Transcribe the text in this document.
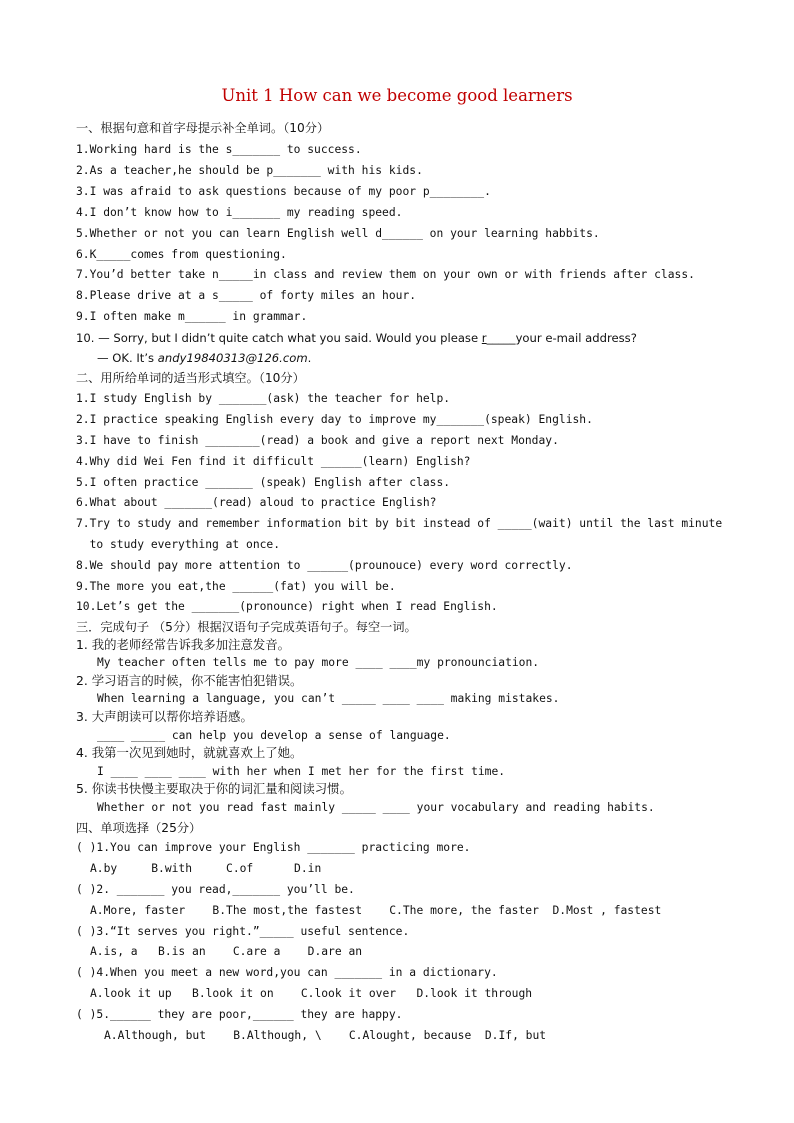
Unit 1 How can we become good learners
一、根据句意和首字母提示补全单词。（10分）
1.Working hard is the s_______ to success.
2.As a teacher,he should be p_______ with his kids.
3.I was afraid to ask questions because of my poor p________.
4.I don’t know how to i_______ my reading speed.
5.Whether or not you can learn English well d______ on your learning habbits.
6.K_____comes from questioning.
7.You’d better take n_____in class and review them on your own or with friends after class.
8.Please drive at a s_____ of forty miles an hour.
9.I often make m______ in grammar.
10. — Sorry, but I didn’t quite catch what you said. Would you please r_____your e-mail address?
— OK. It’s andy19840313@126.com.
二、用所给单词的适当形式填空。（10分）
1.I study English by _______(ask) the teacher for help.
2.I practice speaking English every day to improve my_______(speak) English.
3.I have to finish ________(read) a book and give a report next Monday.
4.Why did Wei Fen find it difficult ______(learn) English?
5.I often practice _______ (speak) English after class.
6.What about _______(read) aloud to practice English?
7.Try to study and remember information bit by bit instead of _____(wait) until the last minute
to study everything at once.
8.We should pay more attention to ______(prounouce) every word correctly.
9.The more you eat,the ______(fat) you will be.
10.Let’s get the _______(pronounce) right when I read English.
三．完成句子 （5分）根据汉语句子完成英语句子。每空一词。
1. 我的老师经常告诉我多加注意发音。
My teacher often tells me to pay more ____ ____my pronounciation.
2. 学习语言的时候，你不能害怕犯错误。
When learning a language, you can’t _____ ____ ____ making mistakes.
3. 大声朗读可以帮你培养语感。
____ _____ can help you develop a sense of language.
4. 我第一次见到她时，就就喜欢上了她。
I ____ ____ ____ with her when I met her for the first time.
5. 你读书快慢主要取决于你的词汇量和阅读习惯。
Whether or not you read fast mainly _____ ____ your vocabulary and reading habits.
四、单项选择（25分）
( )1.You can improve your English _______ practicing more.
A.by     B.with     C.of      D.in
( )2. _______ you read,_______ you’ll be.
A.More, faster    B.The most,the fastest    C.The more, the faster  D.Most , fastest
( )3.“It serves you right.”_____ useful sentence.
A.is, a   B.is an    C.are a    D.are an
( )4.When you meet a new word,you can _______ in a dictionary.
A.look it up   B.look it on    C.look it over   D.look it through
( )5.______ they are poor,______ they are happy.
A.Although, but    B.Although, \    C.Alought, because  D.If, but
